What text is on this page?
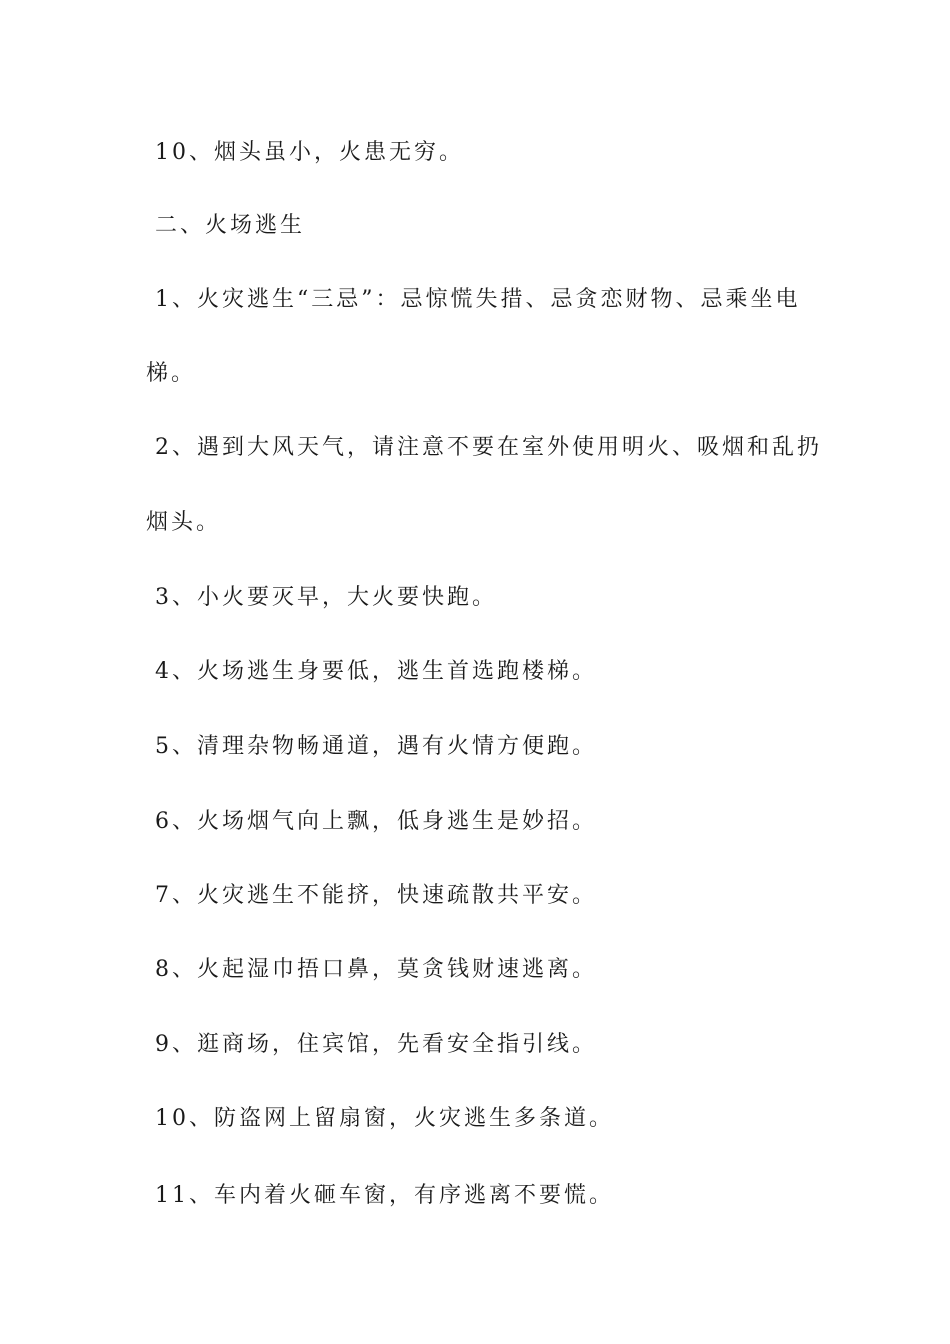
10、烟头虽小，火患无穷。
二、火场逃生
1、火灾逃生“三忌”：忌惊慌失措、忌贪恋财物、忌乘坐电
梯。
2、遇到大风天气，请注意不要在室外使用明火、吸烟和乱扔
烟头。
3、小火要灭早，大火要快跑。
4、火场逃生身要低，逃生首选跑楼梯。
5、清理杂物畅通道，遇有火情方便跑。
6、火场烟气向上飘，低身逃生是妙招。
7、火灾逃生不能挤，快速疏散共平安。
8、火起湿巾捂口鼻，莫贪钱财速逃离。
9、逛商场，住宾馆，先看安全指引线。
10、防盗网上留扇窗，火灾逃生多条道。
11、车内着火砸车窗，有序逃离不要慌。
